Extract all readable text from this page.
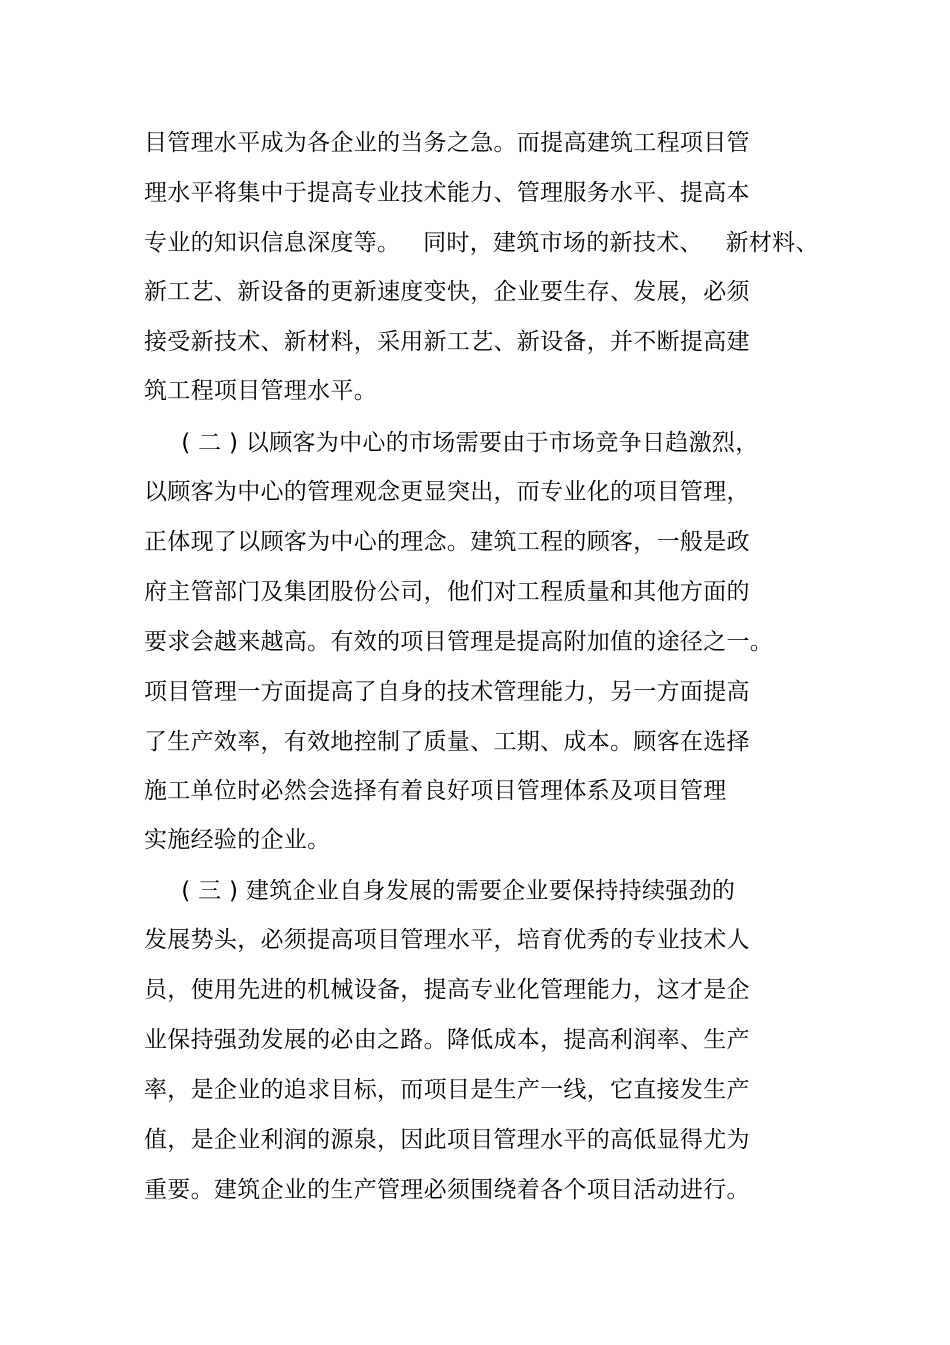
目管理水平成为各企业的当务之急。而提高建筑工程项目管
理水平将集中于提高专业技术能力、管理服务水平、提高本
专业的知识信息深度等。   同时，建筑市场的新技术、   新材料、
新工艺、新设备的更新速度变快，企业要生存、发展，必须
接受新技术、新材料，采用新工艺、新设备，并不断提高建
筑工程项目管理水平。
( 二 ) 以顾客为中心的市场需要由于市场竞争日趋激烈，
以顾客为中心的管理观念更显突出，而专业化的项目管理，
正体现了以顾客为中心的理念。建筑工程的顾客，一般是政
府主管部门及集团股份公司，他们对工程质量和其他方面的
要求会越来越高。有效的项目管理是提高附加值的途径之一。
项目管理一方面提高了自身的技术管理能力，另一方面提高
了生产效率，有效地控制了质量、工期、成本。顾客在选择
施工单位时必然会选择有着良好项目管理体系及项目管理
实施经验的企业。
( 三 ) 建筑企业自身发展的需要企业要保持持续强劲的
发展势头，必须提高项目管理水平，培育优秀的专业技术人
员，使用先进的机械设备，提高专业化管理能力，这才是企
业保持强劲发展的必由之路。降低成本，提高利润率、生产
率，是企业的追求目标，而项目是生产一线，它直接发生产
值，是企业利润的源泉，因此项目管理水平的高低显得尤为
重要。建筑企业的生产管理必须围绕着各个项目活动进行。
